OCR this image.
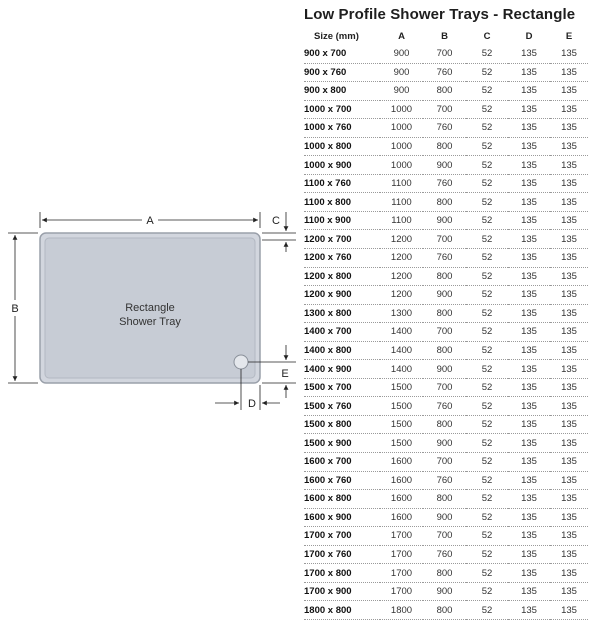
Rectangle
Shower Tray
A
B
C
E
D
Low Profile Shower Trays - Rectangle
Size (mm)	A	B	C	D	E
900 x 700	900	700	52	135	135
900 x 760	900	760	52	135	135
900 x 800	900	800	52	135	135
1000 x 700	1000	700	52	135	135
1000 x 760	1000	760	52	135	135
1000 x 800	1000	800	52	135	135
1000 x 900	1000	900	52	135	135
1100 x 760	1100	760	52	135	135
1100 x 800	1100	800	52	135	135
1100 x 900	1100	900	52	135	135
1200 x 700	1200	700	52	135	135
1200 x 760	1200	760	52	135	135
1200 x 800	1200	800	52	135	135
1200 x 900	1200	900	52	135	135
1300 x 800	1300	800	52	135	135
1400 x 700	1400	700	52	135	135
1400 x 800	1400	800	52	135	135
1400 x 900	1400	900	52	135	135
1500 x 700	1500	700	52	135	135
1500 x 760	1500	760	52	135	135
1500 x 800	1500	800	52	135	135
1500 x 900	1500	900	52	135	135
1600 x 700	1600	700	52	135	135
1600 x 760	1600	760	52	135	135
1600 x 800	1600	800	52	135	135
1600 x 900	1600	900	52	135	135
1700 x 700	1700	700	52	135	135
1700 x 760	1700	760	52	135	135
1700 x 800	1700	800	52	135	135
1700 x 900	1700	900	52	135	135
1800 x 800	1800	800	52	135	135
